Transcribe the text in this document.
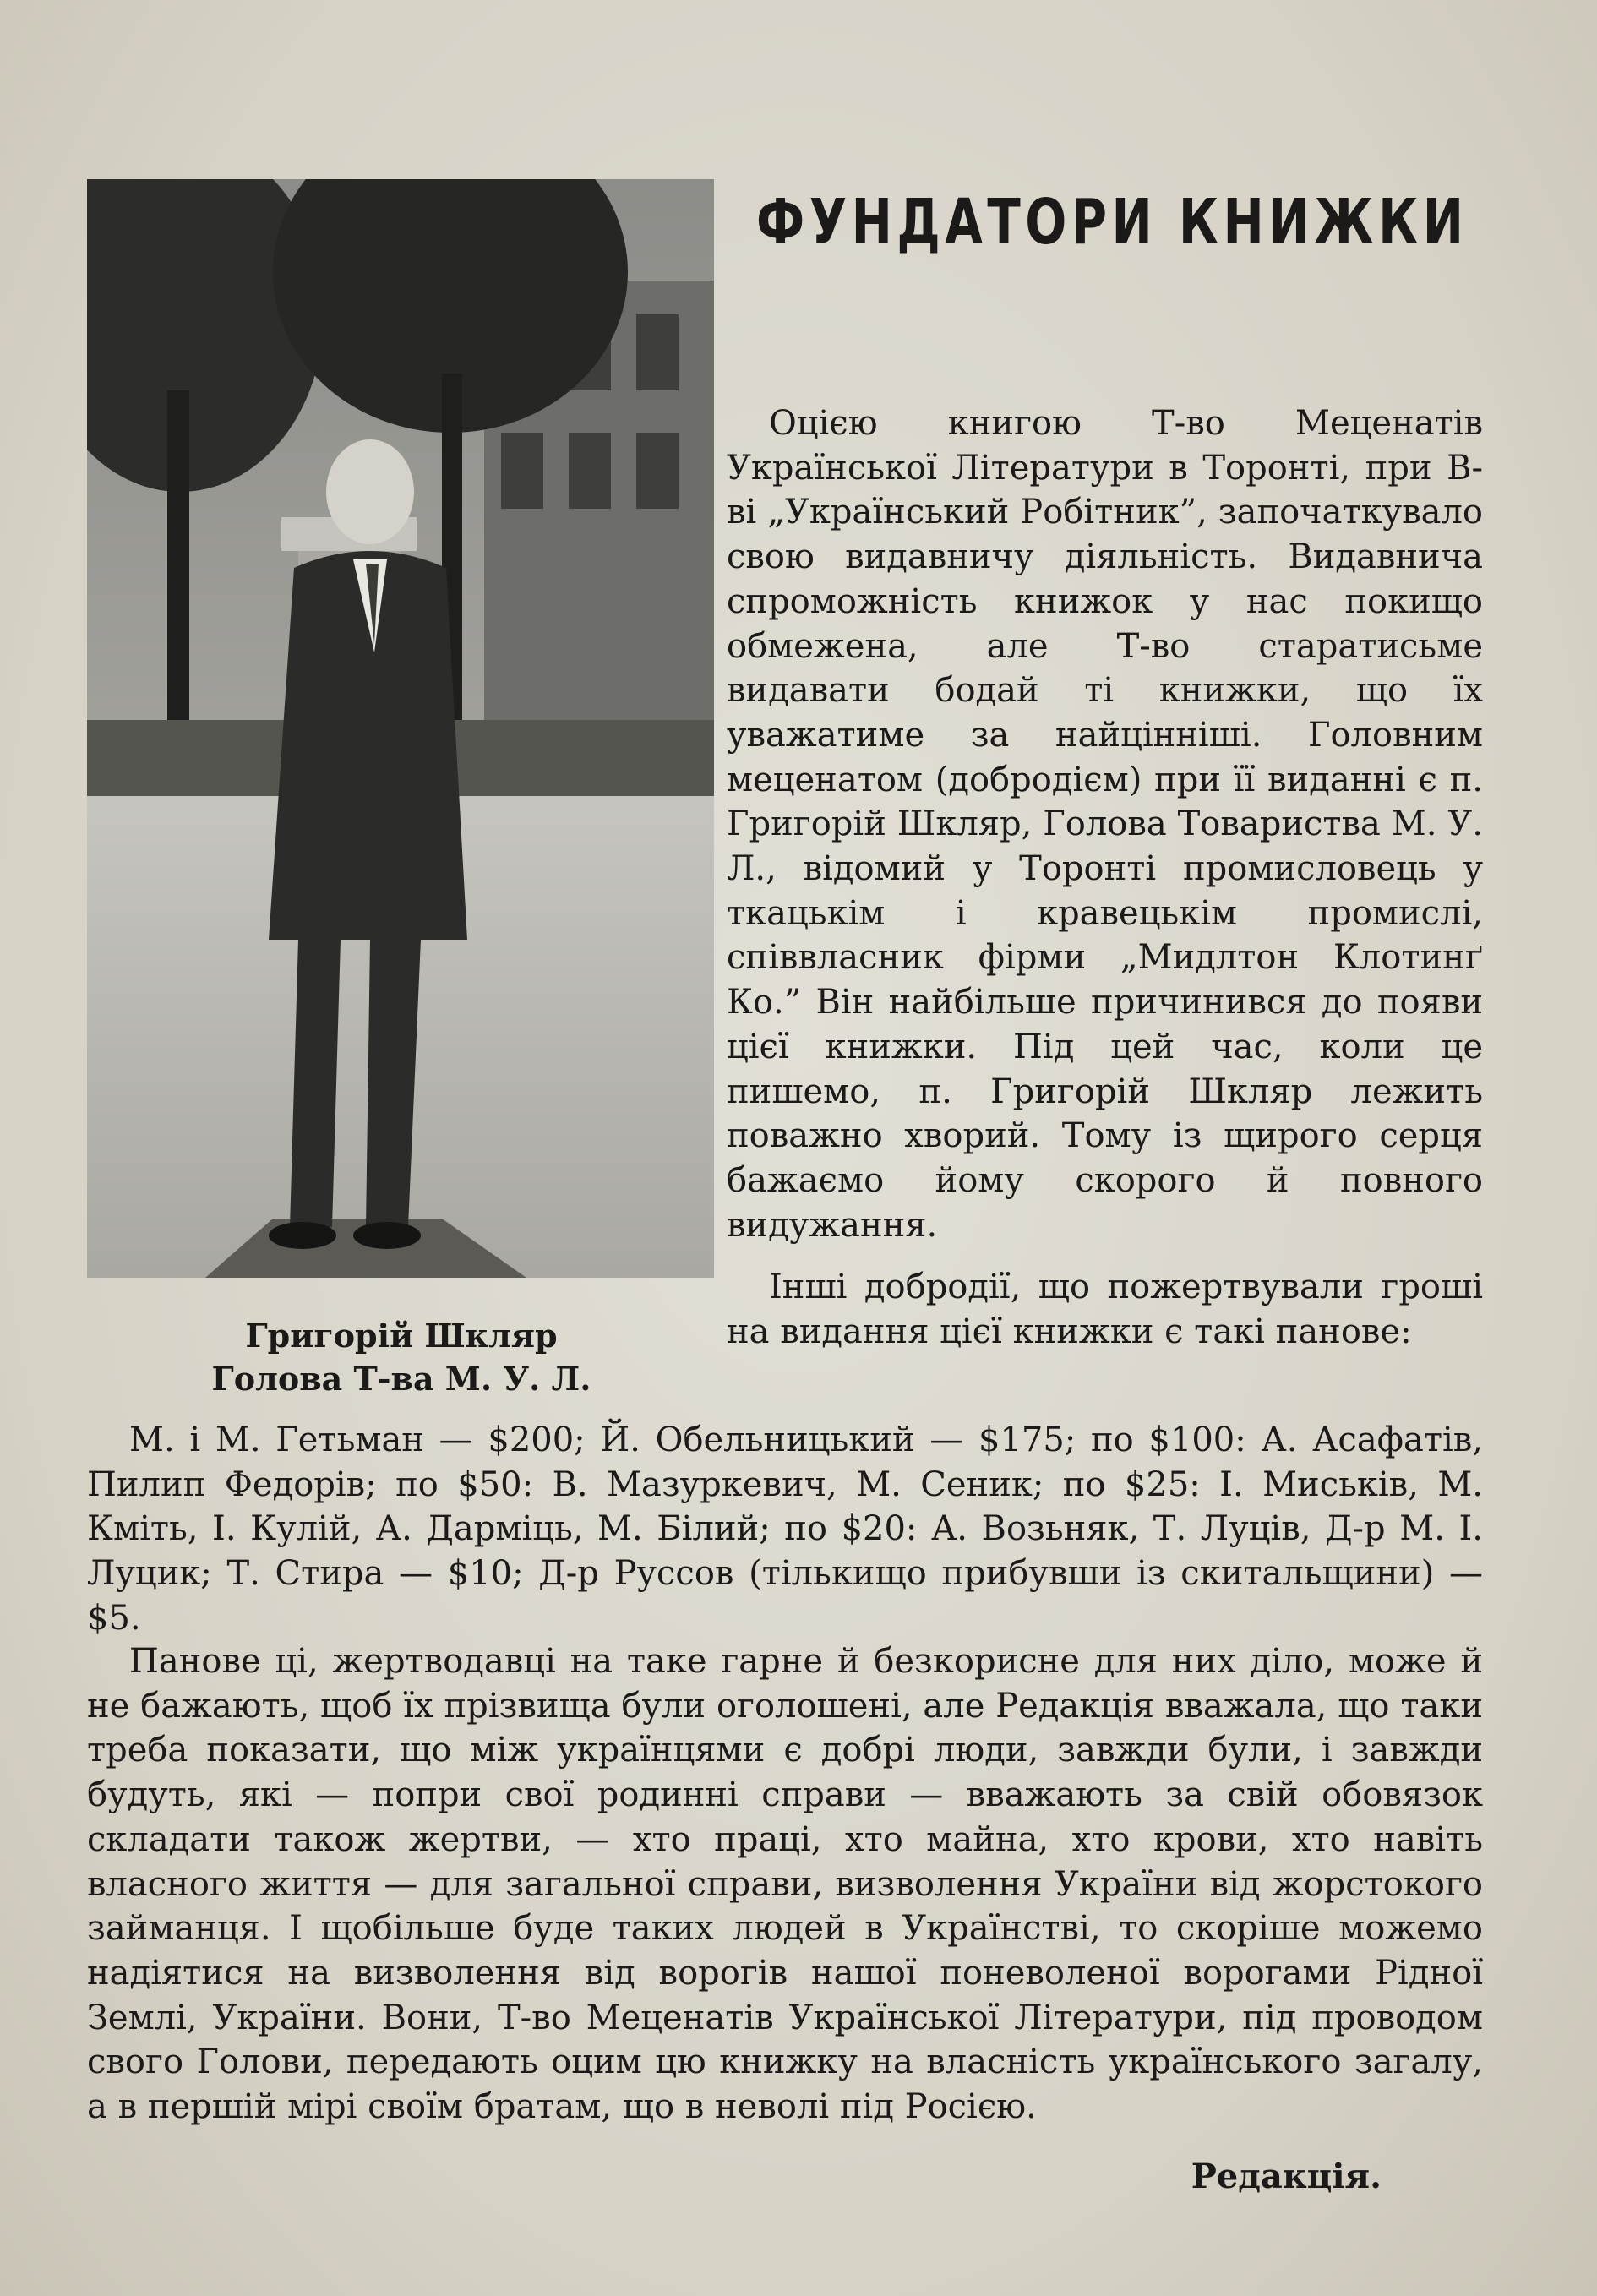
Григорій Шкляр
Голова Т-ва М. У. Л.
ФУНДАТОРИ КНИЖКИ

Оцією книгою Т-во Меценатів Української Літератури в Торонті, при В-ві „Український Робітник”, започаткувало свою видавничу діяльність. Видавнича спроможність книжок у нас покищо обмежена, але Т-во старатисьме видавати бодай ті книжки, що їх уважатиме за найцінніші. Головним меценатом (добродієм) при її виданні є п. Григорій Шкляр, Голова Товариства М. У. Л., відомий у Торонті промисловець у ткацькім і кравецькім промислі, співвласник фірми „Мидлтон Клотинґ Ко.” Він найбільше причинився до появи цієї книжки. Під цей час, коли це пишемо, п. Григорій Шкляр лежить поважно хворий. Тому із щирого серця бажаємо йому скорого й повного видужання.

Інші добродії, що пожертвували гроші на видання цієї книжки є такі панове:

М. і М. Гетьман — $200; Й. Обельницький — $175; по $100: А. Асафатів, Пилип Федорів; по $50: В. Мазуркевич, М. Сеник; по $25: І. Миськів, М. Кміть, І. Кулій, А. Дарміць, М. Білий; по $20: А. Возьняк, Т. Луців, Д-р М. І. Луцик; Т. Стира — $10; Д-р Руссов (тількищо прибувши із скитальщини) — $5.

Панове ці, жертводавці на таке гарне й безкорисне для них діло, може й не бажають, щоб їх прізвища були оголошені, але Редакція вважала, що таки треба показати, що між українцями є добрі люди, завжди були, і завжди будуть, які — попри свої родинні справи — вважають за свій обовязок складати також жертви, — хто праці, хто майна, хто крови, хто навіть власного життя — для загальної справи, визволення України від жорстокого займанця. І щобільше буде таких людей в Українстві, то скоріше можемо надіятися на визволення від ворогів нашої поневоленої ворогами Рідної Землі, України. Вони, Т-во Меценатів Української Літератури, під проводом свого Голови, передають оцим цю книжку на власність українського загалу, а в першій мірі своїм братам, що в неволі під Росією.

Редакція.
